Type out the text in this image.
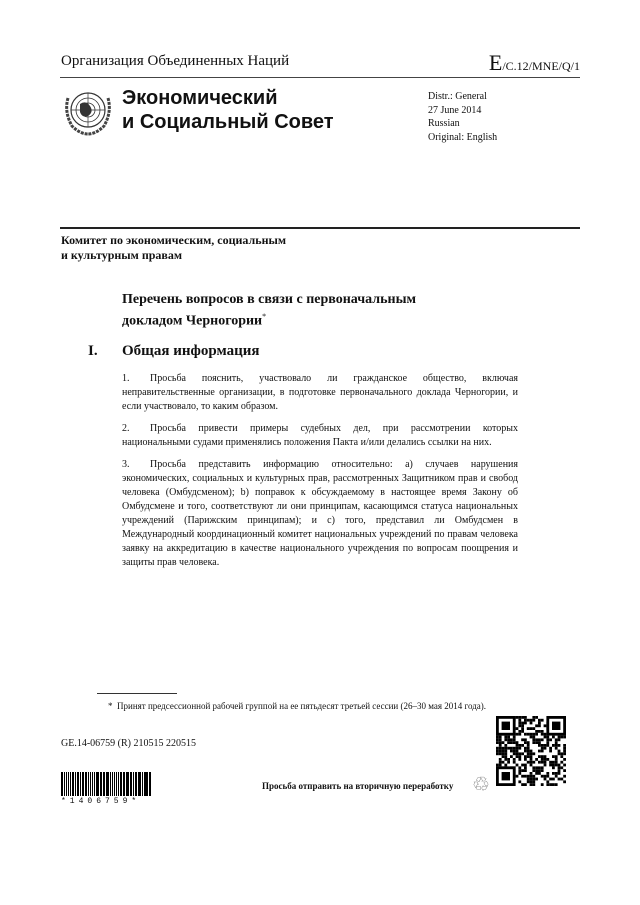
Организация Объединенных Наций	E/C.12/MNE/Q/1
Экономический
и Социальный Совет
Distr.: General
27 June 2014
Russian
Original: English
Комитет по экономическим, социальным
и культурным правам
Перечень вопросов в связи с первоначальным
докладом Черногории*
I. Общая информация

1. Просьба пояснить, участвовало ли гражданское общество, включая неправительственные организации, в подготовке первоначального доклада Черногории, и если участвовало, то каким образом.

2. Просьба привести примеры судебных дел, при рассмотрении которых национальными судами применялись положения Пакта и/или делались ссылки на них.

3. Просьба представить информацию относительно: a) случаев нарушения экономических, социальных и культурных прав, рассмотренных Защитником прав и свобод человека (Омбудсменом); b) поправок к обсуждаемому в настоящее время Закону об Омбудсмене и того, соответствуют ли они принципам, касающимся статуса национальных учреждений (Парижским принципам); и c) того, представил ли Омбудсмен в Международный координационный комитет национальных учреждений по правам человека заявку на аккредитацию в качестве национального учреждения по вопросам поощрения и защиты прав человека.

* Принят предсессионной рабочей группой на ее пятьдесят третьей сессии (26–30 мая 2014 года).
GE.14-06759 (R) 210515 220515
*1406759*
Просьба отправить на вторичную переработку ♲
